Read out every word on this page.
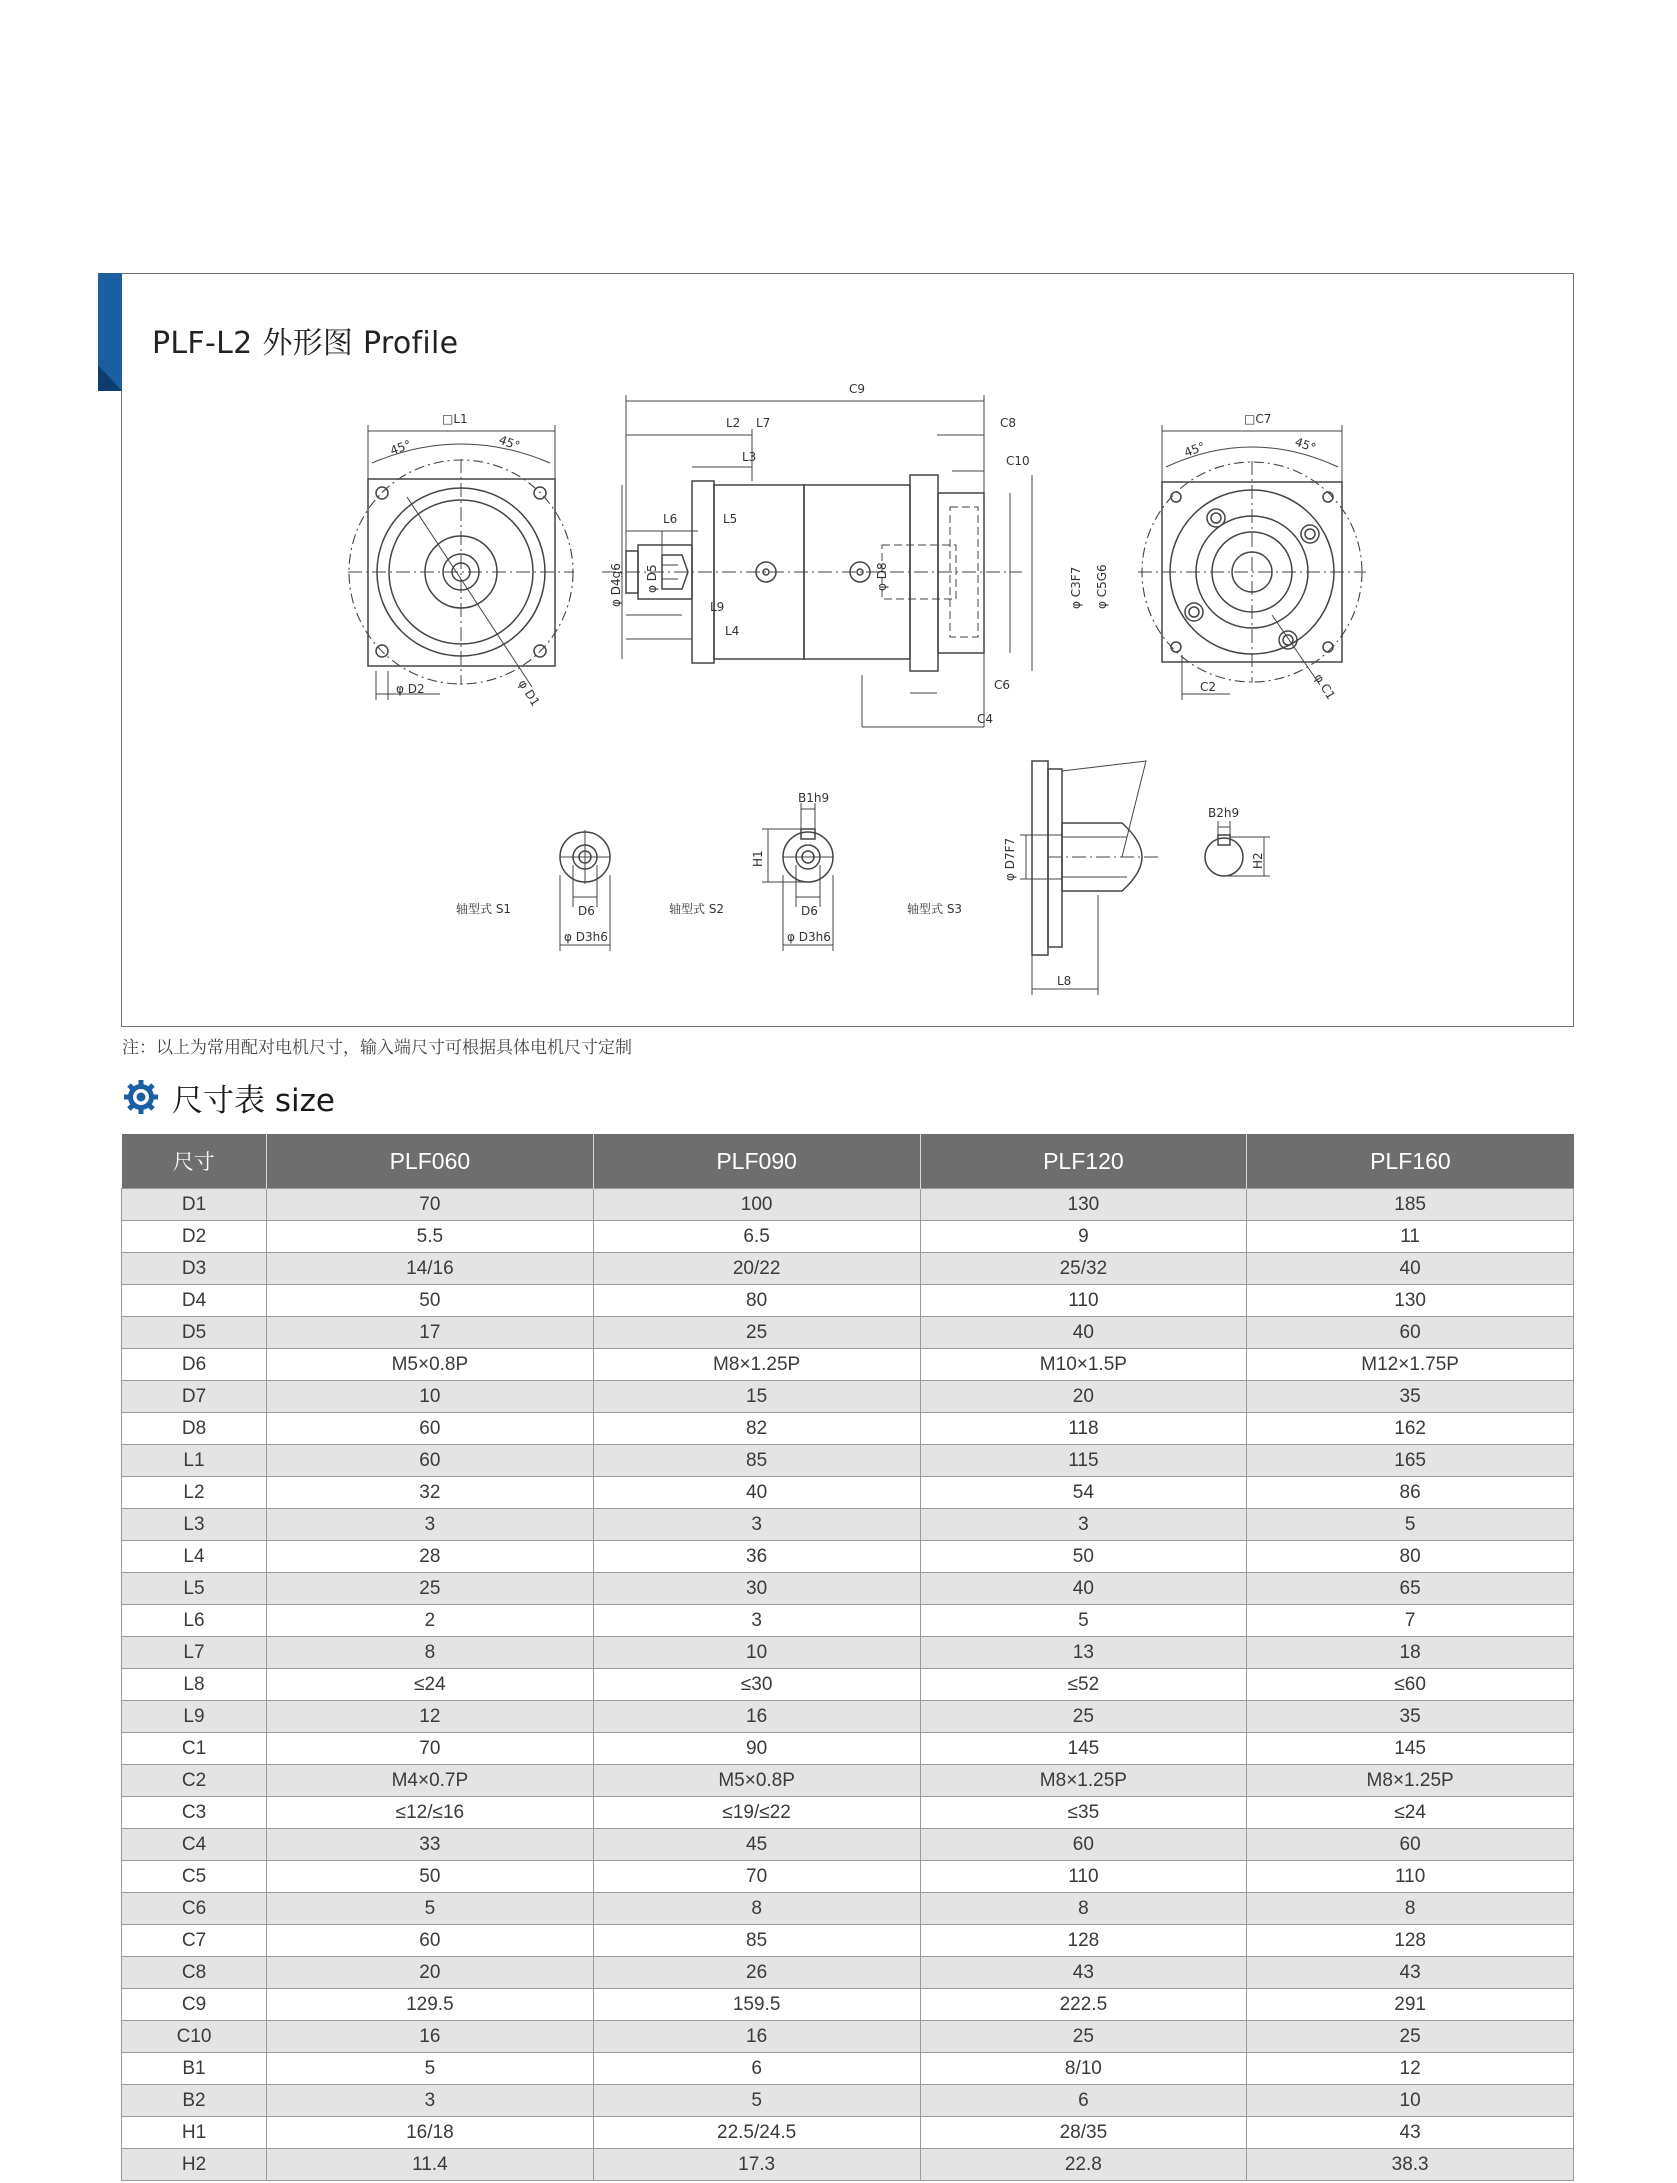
PLF-L2 外形图 Profile
□L1
45°	45°
φ D2	φ D1
C9
L2 L7
L3
C8
C10
L6	L5
L9
L4
C6
C4
φ D4g6 φ D5	φ D8	φ C3F7 φ C5G6
□C7
45°	45°
C2	φ C1
轴型式 S1	D6
φ D3h6
轴型式 S2
B1h9
H1
D6
φ D3h6
轴型式 S3
φ D7F7
L8
B2h9
H2
注：以上为常用配对电机尺寸，输入端尺寸可根据具体电机尺寸定制
尺寸表 size
尺寸	PLF060	PLF090	PLF120	PLF160
D1	70	100	130	185
D2	5.5	6.5	9	11
D3	14/16	20/22	25/32	40
D4	50	80	110	130
D5	17	25	40	60
D6	M5×0.8P	M8×1.25P	M10×1.5P	M12×1.75P
D7	10	15	20	35
D8	60	82	118	162
L1	60	85	115	165
L2	32	40	54	86
L3	3	3	3	5
L4	28	36	50	80
L5	25	30	40	65
L6	2	3	5	7
L7	8	10	13	18
L8	≤24	≤30	≤52	≤60
L9	12	16	25	35
C1	70	90	145	145
C2	M4×0.7P	M5×0.8P	M8×1.25P	M8×1.25P
C3	≤12/≤16	≤19/≤22	≤35	≤24
C4	33	45	60	60
C5	50	70	110	110
C6	5	8	8	8
C7	60	85	128	128
C8	20	26	43	43
C9	129.5	159.5	222.5	291
C10	16	16	25	25
B1	5	6	8/10	12
B2	3	5	6	10
H1	16/18	22.5/24.5	28/35	43
H2	11.4	17.3	22.8	38.3
